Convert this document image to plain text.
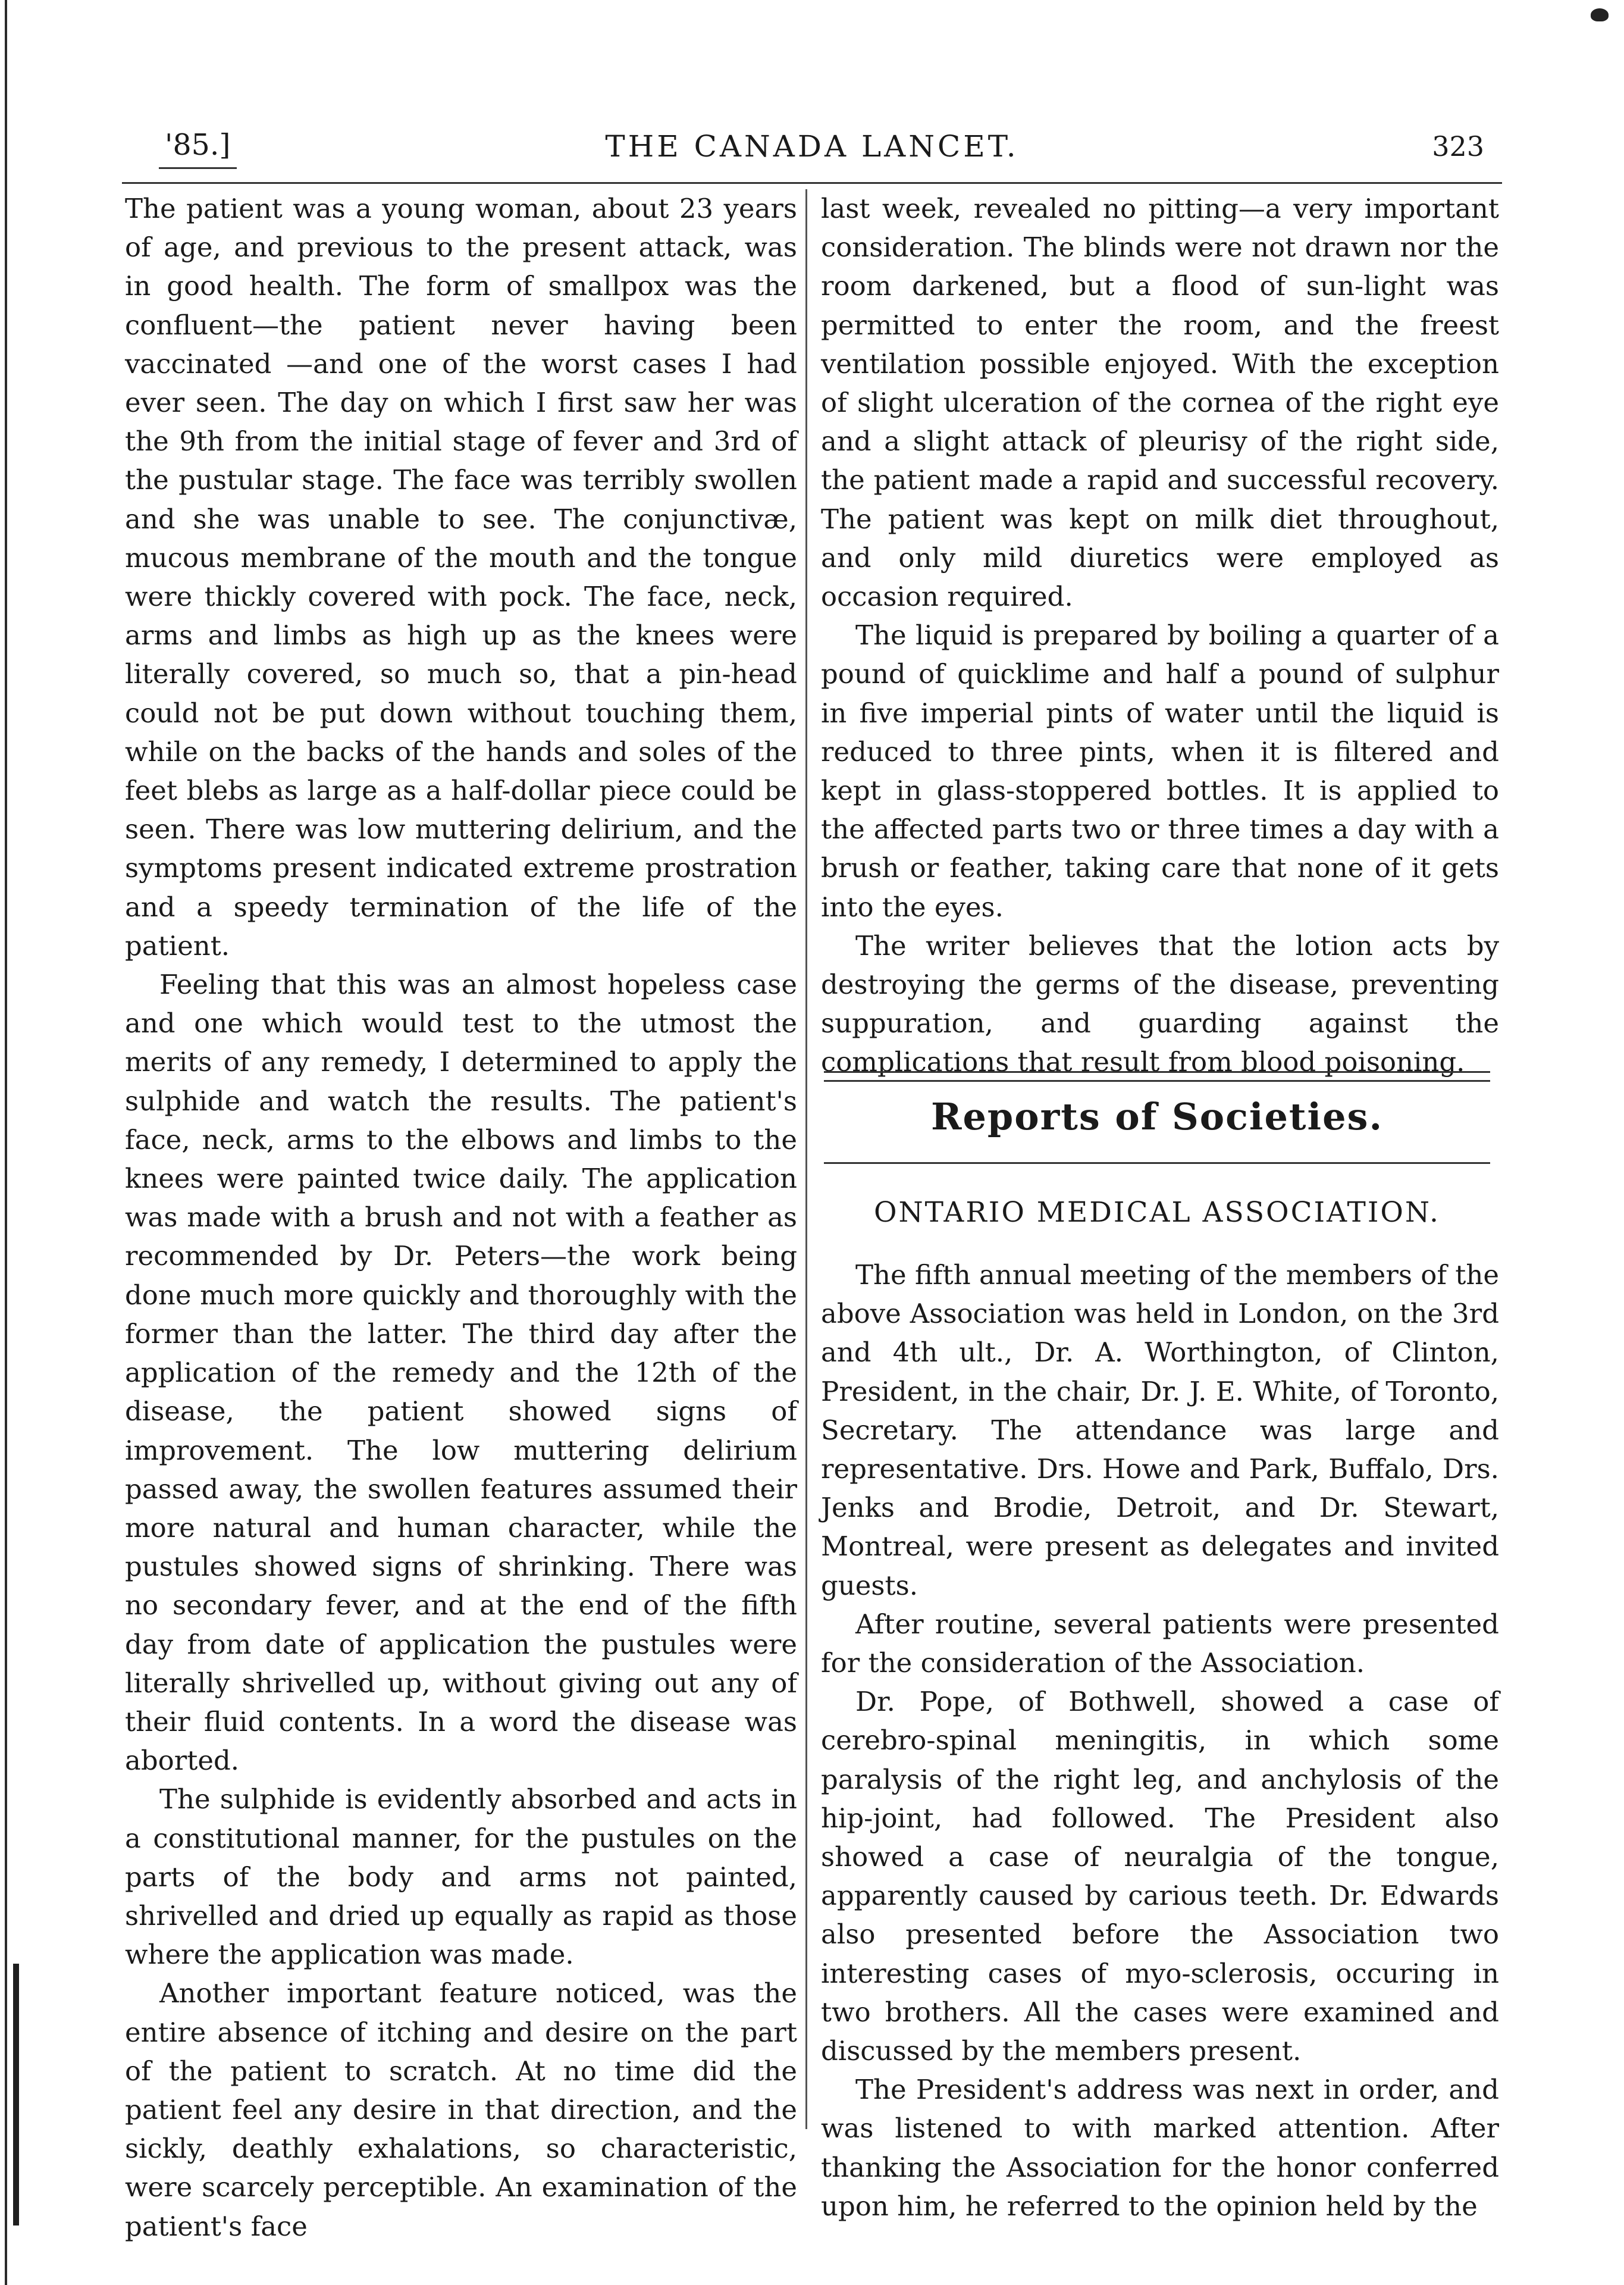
'85.]	THE CANADA LANCET.	323

The patient was a young woman, about 23 years of age, and previous to the present attack, was in good health. The form of smallpox was the confluent—the patient never having been vaccinated —and one of the worst cases I had ever seen. The day on which I first saw her was the 9th from the initial stage of fever and 3rd of the pustular stage. The face was terribly swollen and she was unable to see. The conjunctivæ, mucous membrane of the mouth and the tongue were thickly covered with pock. The face, neck, arms and limbs as high up as the knees were literally covered, so much so, that a pin-head could not be put down without touching them, while on the backs of the hands and soles of the feet blebs as large as a half-dollar piece could be seen. There was low muttering delirium, and the symptoms present indicated extreme prostration and a speedy termination of the life of the patient.

Feeling that this was an almost hopeless case and one which would test to the utmost the merits of any remedy, I determined to apply the sulphide and watch the results. The patient's face, neck, arms to the elbows and limbs to the knees were painted twice daily. The application was made with a brush and not with a feather as recommended by Dr. Peters—the work being done much more quickly and thoroughly with the former than the latter. The third day after the application of the remedy and the 12th of the disease, the patient showed signs of improvement. The low muttering delirium passed away, the swollen features assumed their more natural and human character, while the pustules showed signs of shrinking. There was no secondary fever, and at the end of the fifth day from date of application the pustules were literally shrivelled up, without giving out any of their fluid contents. In a word the disease was aborted.

The sulphide is evidently absorbed and acts in a constitutional manner, for the pustules on the parts of the body and arms not painted, shrivelled and dried up equally as rapid as those where the application was made.

Another important feature noticed, was the entire absence of itching and desire on the part of the patient to scratch. At no time did the patient feel any desire in that direction, and the sickly, deathly exhalations, so characteristic, were scarcely perceptible. An examination of the patient's face

last week, revealed no pitting—a very important consideration. The blinds were not drawn nor the room darkened, but a flood of sun-light was permitted to enter the room, and the freest ventilation possible enjoyed. With the exception of slight ulceration of the cornea of the right eye and a slight attack of pleurisy of the right side, the patient made a rapid and successful recovery. The patient was kept on milk diet throughout, and only mild diuretics were employed as occasion required.

The liquid is prepared by boiling a quarter of a pound of quicklime and half a pound of sulphur in five imperial pints of water until the liquid is reduced to three pints, when it is filtered and kept in glass-stoppered bottles. It is applied to the affected parts two or three times a day with a brush or feather, taking care that none of it gets into the eyes.

The writer believes that the lotion acts by destroying the germs of the disease, preventing suppuration, and guarding against the complications that result from blood poisoning.

Reports of Societies.
ONTARIO MEDICAL ASSOCIATION.

The fifth annual meeting of the members of the above Association was held in London, on the 3rd and 4th ult., Dr. A. Worthington, of Clinton, President, in the chair, Dr. J. E. White, of Toronto, Secretary. The attendance was large and representative. Drs. Howe and Park, Buffalo, Drs. Jenks and Brodie, Detroit, and Dr. Stewart, Montreal, were present as delegates and invited guests.

After routine, several patients were presented for the consideration of the Association.

Dr. Pope, of Bothwell, showed a case of cerebro-spinal meningitis, in which some paralysis of the right leg, and anchylosis of the hip-joint, had followed. The President also showed a case of neuralgia of the tongue, apparently caused by carious teeth. Dr. Edwards also presented before the Association two interesting cases of myo-sclerosis, occuring in two brothers. All the cases were examined and discussed by the members present.

The President's address was next in order, and was listened to with marked attention. After thanking the Association for the honor conferred upon him, he referred to the opinion held by the
